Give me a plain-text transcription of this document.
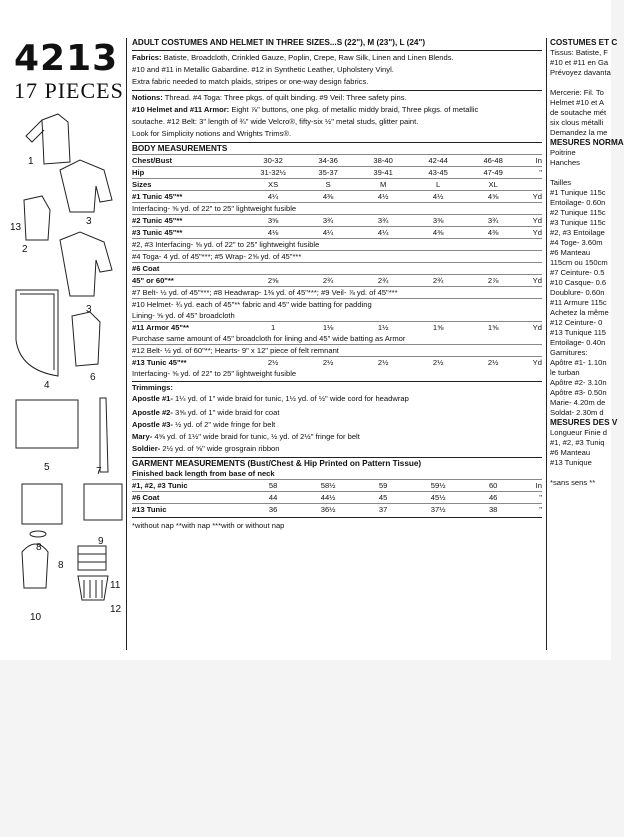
4213
17 PIECES
1
2
3
13
3
4
6
5	7
8
9
8
10
11
12
ADULT COSTUMES AND HELMET IN THREE SIZES...S (22"), M (23"), L (24")
Fabrics: Batiste, Broadcloth, Crinkled Gauze, Poplin, Crepe, Raw Silk, Linen and Linen Blends.
#10 and #11 in Metallic Gabardine. #12 in Synthetic Leather, Upholstery Vinyl.
Extra fabric needed to match plaids, stripes or one-way design fabrics.
Notions: Thread. #4 Toga: Three pkgs. of quilt binding. #9 Veil: Three safety pins.
#10 Helmet and #11 Armor: Eight ⅞" buttons, one pkg. of metallic middy braid, Three pkgs. of metallic
soutache. #12 Belt: 3" length of ¾" wide Velcro®, fifty-six ½" metal studs, glitter paint.
Look for Simplicity notions and Wrights Trims®.
BODY MEASUREMENTS
Chest/Bust	30-32	34-36	38-40	42-44	46-48	In
Hip	31-32½	35-37	39-41	43-45	47-49	"
Sizes	XS	S	M	L	XL
#1 Tunic 45"**	4¼	4⅜	4½	4½	4⅝	Yd
Interfacing- ⅝ yd. of 22" to 25" lightweight fusible
#2 Tunic 45"**	3⅝	3¾	3¾	3⅜	3¾	Yd
#3 Tunic 45"**	4⅛	4¼	4¼	4⅜	4⅜	Yd
#2, #3 Interfacing- ⅝ yd. of 22" to 25" lightweight fusible
#4 Toga- 4 yd. of 45"***; #5 Wrap- 2⅝ yd. of 45"***
#6 Coat
45" or 60"**	2⅝	2¾	2¾	2¾	2⅞	Yd
#7 Belt- ½ yd. of 45"***; #8 Headwrap- 1⅜ yd. of 45"***; #9 Veil- ⅞ yd. of 45"***
#10 Helmet- ¾ yd. each of 45"** fabric and 45" wide batting for padding
Lining- ⅝ yd. of 45" broadcloth
#11 Armor 45"**	1	1⅛	1½	1⅝	1⅝	Yd
Purchase same amount of 45" broadcloth for lining and 45" wide batting as Armor
#12 Belt- ½ yd. of 60"**; Hearts- 9" x 12" piece of felt remnant
#13 Tunic 45"**	2½	2½	2½	2½	2½	Yd
Interfacing- ⅝ yd. of 22" to 25" lightweight fusible
Trimmings:
Apostle #1- 1¼ yd. of 1" wide braid for tunic, 1½ yd. of ½" wide cord for headwrap
Apostle #2- 3⅝ yd. of 1" wide braid for coat
Apostle #3- ½ yd. of 2" wide fringe for belt
Mary- 4⅝ yd. of 1½" wide braid for tunic, ½ yd. of 2½" fringe for belt
Soldier- 2½ yd. of ⅝" wide grosgrain ribbon
GARMENT MEASUREMENTS (Bust/Chest & Hip Printed on Pattern Tissue)
Finished back length from base of neck
#1, #2, #3 Tunic	58	58½	59	59½	60	In
#6 Coat	44	44½	45	45½	46	"
#13 Tunic	36	36½	37	37½	38	"
*without nap **with nap ***with or without nap
COSTUMES ET C
Tissus: Batiste, F
#10 et #11 en Ga
Prévoyez davanta

Mercerie: Fil. To
Helmet #10 et A
de soutache mét
six clous métalli
Demandez la me
MESURES NORMA
Poitrine
Hanches

Tailles
#1 Tunique 115c
Entoilage- 0.60n
#2 Tunique 115c
#3 Tunique 115c
#2, #3 Entoilage
#4 Toge- 3.60m
#6 Manteau
115cm ou 150cm
#7 Ceinture- 0.5
#10 Casque- 0.6
Doublure- 0.60n
#11 Armure 115c
Achetez la même
#12 Ceinture- 0
#13 Tunique 115
Entoilage- 0.40n
Garnitures:
Apôtre #1- 1.10n
le turban
Apôtre #2- 3.10n
Apôtre #3- 0.50n
Marie- 4.20m de
Soldat- 2.30m d
MESURES DES V
Longueur Finie d
#1, #2, #3 Tuniq
#6 Manteau
#13 Tunique

*sans sens **
